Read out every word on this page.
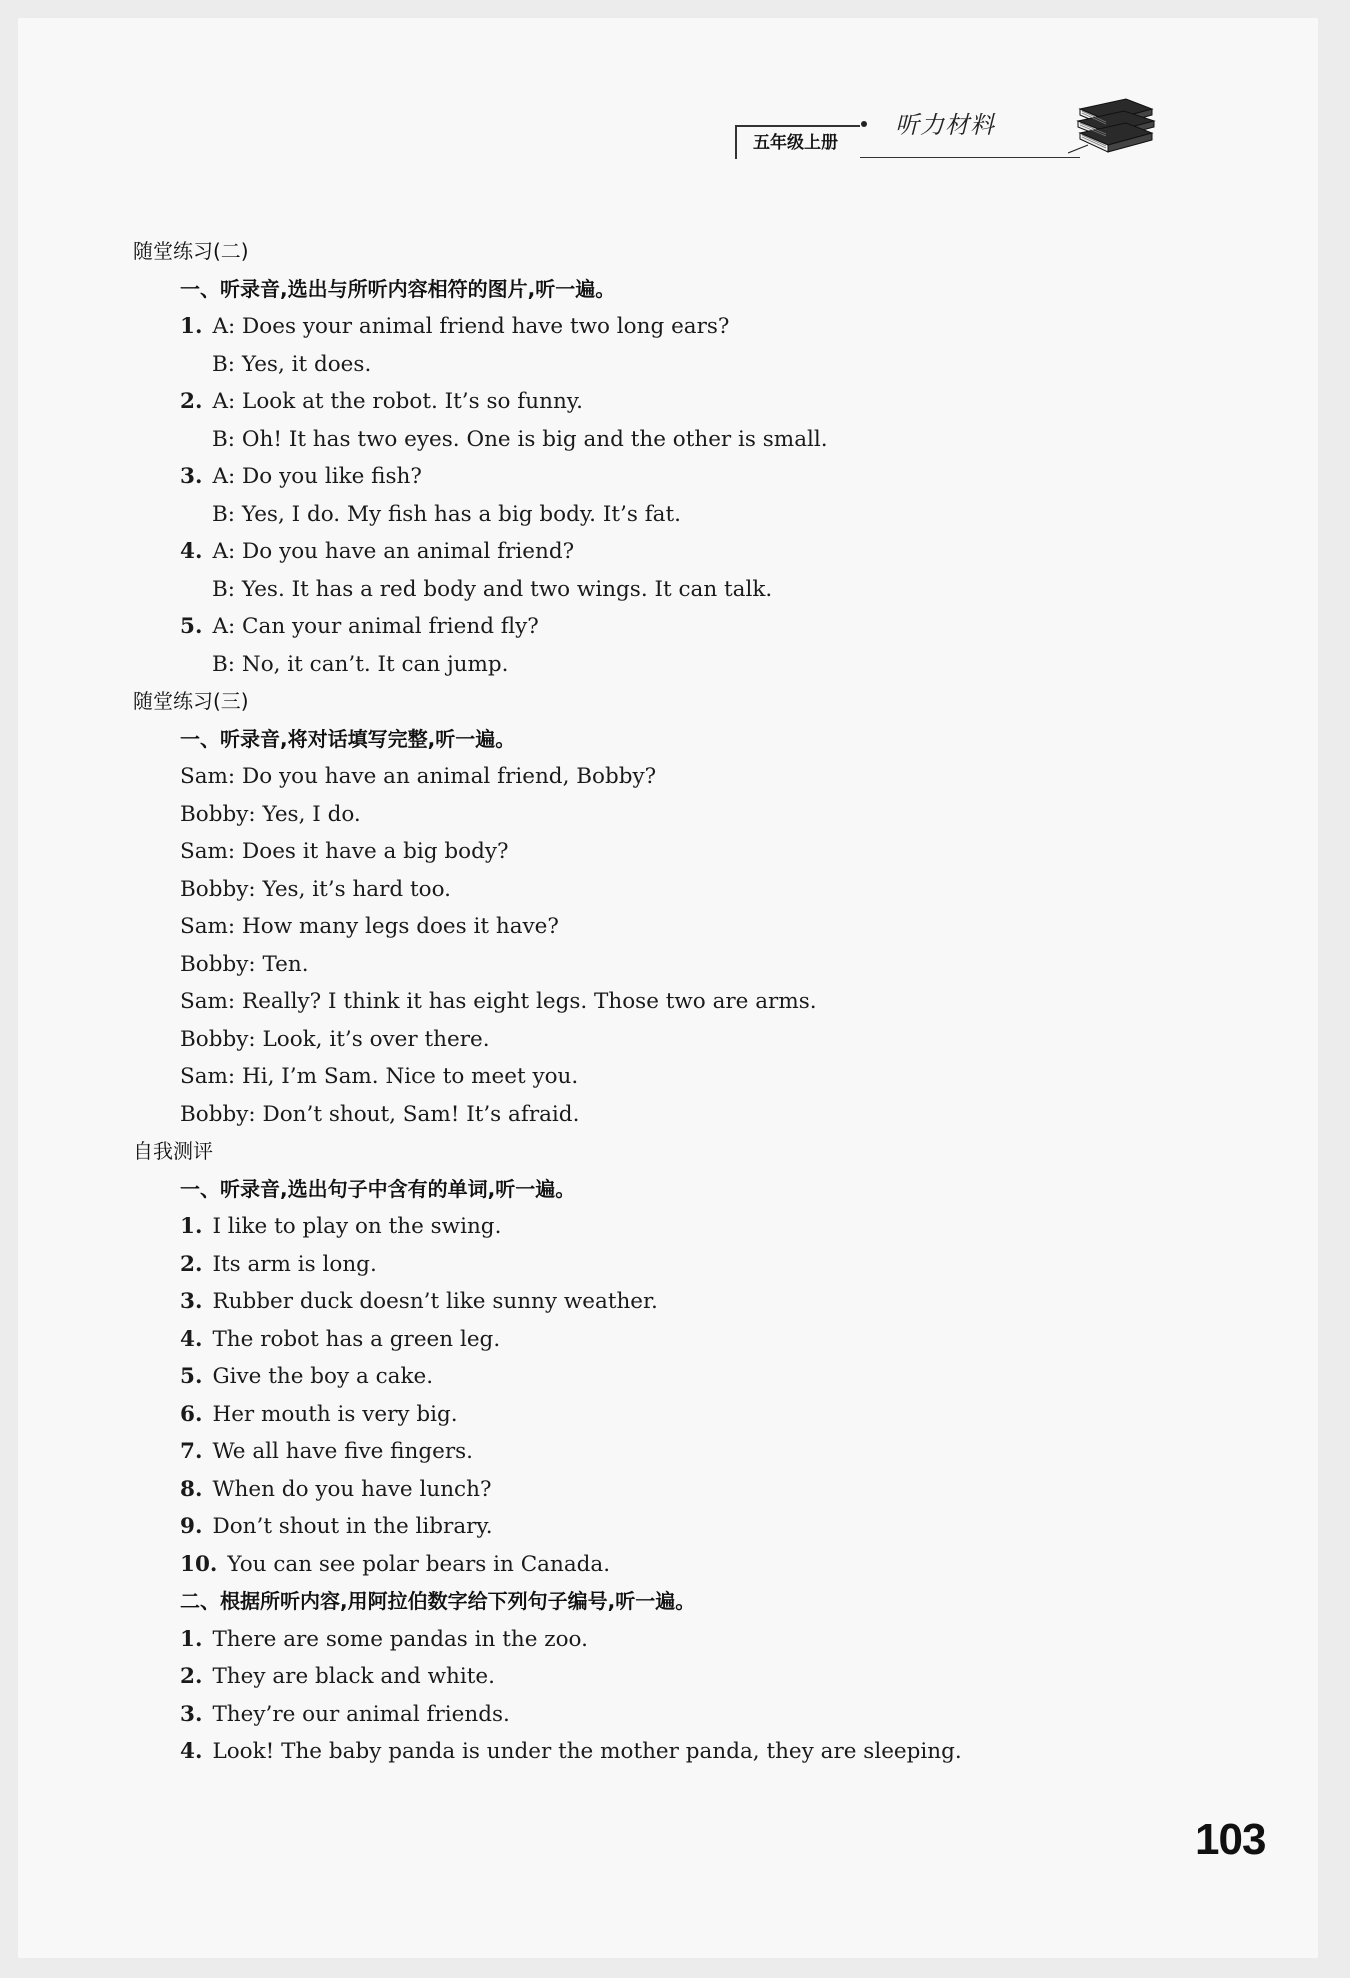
五年级上册
听力材料
随堂练习(二)
一、听录音,选出与所听内容相符的图片,听一遍。
1. A: Does your animal friend have two long ears?
B: Yes, it does.
2. A: Look at the robot. It’s so funny.
B: Oh! It has two eyes. One is big and the other is small.
3. A: Do you like fish?
B: Yes, I do. My fish has a big body. It’s fat.
4. A: Do you have an animal friend?
B: Yes. It has a red body and two wings. It can talk.
5. A: Can your animal friend fly?
B: No, it can’t. It can jump.
随堂练习(三)
一、听录音,将对话填写完整,听一遍。
Sam: Do you have an animal friend, Bobby?
Bobby: Yes, I do.
Sam: Does it have a big body?
Bobby: Yes, it’s hard too.
Sam: How many legs does it have?
Bobby: Ten.
Sam: Really? I think it has eight legs. Those two are arms.
Bobby: Look, it’s over there.
Sam: Hi, I’m Sam. Nice to meet you.
Bobby: Don’t shout, Sam! It’s afraid.
自我测评
一、听录音,选出句子中含有的单词,听一遍。
1. I like to play on the swing.
2. Its arm is long.
3. Rubber duck doesn’t like sunny weather.
4. The robot has a green leg.
5. Give the boy a cake.
6. Her mouth is very big.
7. We all have five fingers.
8. When do you have lunch?
9. Don’t shout in the library.
10. You can see polar bears in Canada.
二、根据所听内容,用阿拉伯数字给下列句子编号,听一遍。
1. There are some pandas in the zoo.
2. They are black and white.
3. They’re our animal friends.
4. Look! The baby panda is under the mother panda, they are sleeping.
103
